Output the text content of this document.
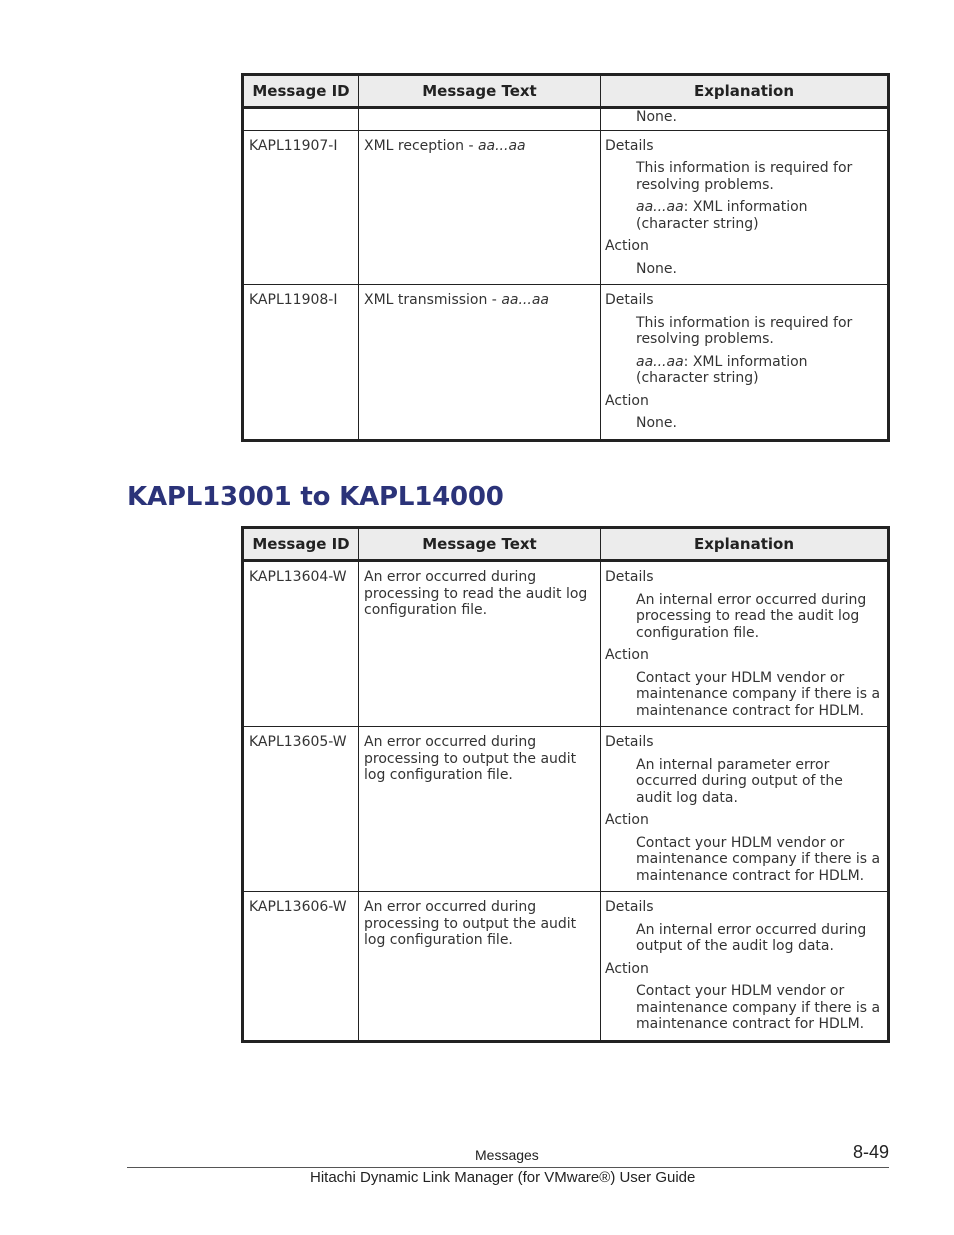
Message ID	Message Text	Explanation

		None.

KAPL11907-I	XML reception - aa...aa	Details
This information is required for resolving problems.
aa...aa: XML information (character string)
Action
None.

KAPL11908-I	XML transmission - aa...aa	Details
This information is required for resolving problems.
aa...aa: XML information (character string)
Action
None.
KAPL13001 to KAPL14000
Message ID	Message Text	Explanation
KAPL13604-W	An error occurred during processing to read the audit log configuration file.	Details
An internal error occurred during processing to read the audit log configuration file.
Action
Contact your HDLM vendor or maintenance company if there is a maintenance contract for HDLM.

KAPL13605-W	An error occurred during processing to output the audit log configuration file.	Details
An internal parameter error occurred during output of the audit log data.
Action
Contact your HDLM vendor or maintenance company if there is a maintenance contract for HDLM.

KAPL13606-W	An error occurred during processing to output the audit log configuration file.	Details
An internal error occurred during output of the audit log data.
Action
Contact your HDLM vendor or maintenance company if there is a maintenance contract for HDLM.
Messages	8-49
Hitachi Dynamic Link Manager (for VMware®) User Guide
